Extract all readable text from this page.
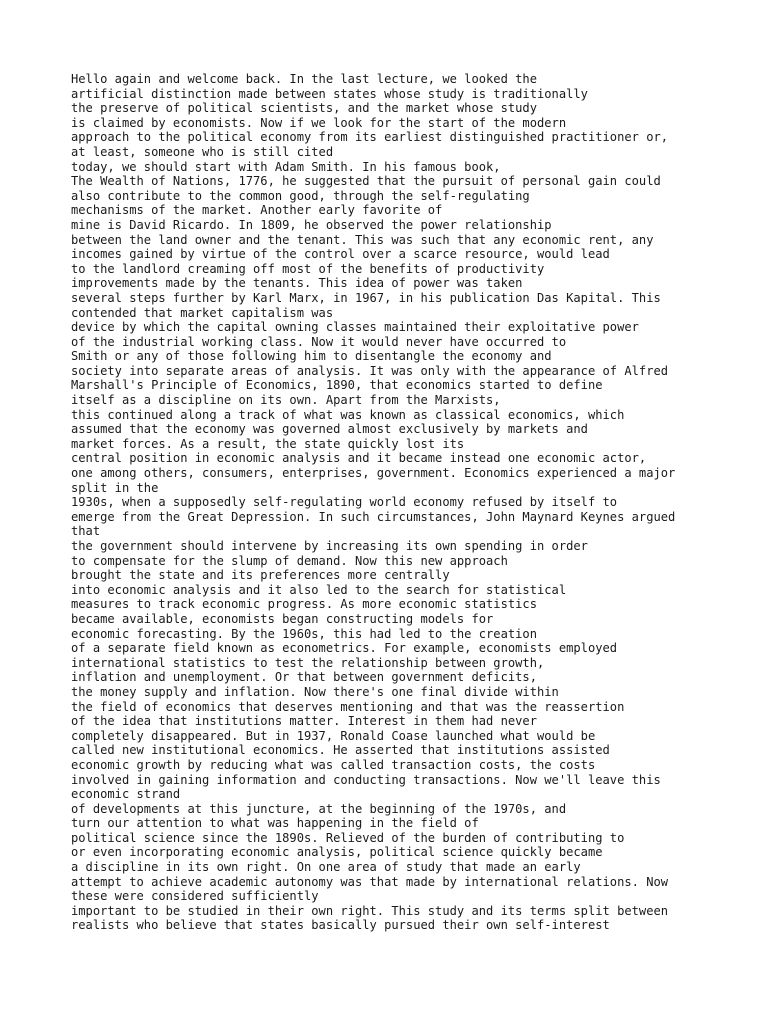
Hello again and welcome back. In the last lecture, we looked the
artificial distinction made between states whose study is traditionally
the preserve of political scientists, and the market whose study
is claimed by economists. Now if we look for the start of the modern
approach to the political economy from its earliest distinguished practitioner or,
at least, someone who is still cited
today, we should start with Adam Smith. In his famous book,
The Wealth of Nations, 1776, he suggested that the pursuit of personal gain could
also contribute to the common good, through the self-regulating
mechanisms of the market. Another early favorite of
mine is David Ricardo. In 1809, he observed the power relationship
between the land owner and the tenant. This was such that any economic rent, any
incomes gained by virtue of the control over a scarce resource, would lead
to the landlord creaming off most of the benefits of productivity
improvements made by the tenants. This idea of power was taken
several steps further by Karl Marx, in 1967, in his publication Das Kapital. This
contended that market capitalism was
device by which the capital owning classes maintained their exploitative power
of the industrial working class. Now it would never have occurred to
Smith or any of those following him to disentangle the economy and
society into separate areas of analysis. It was only with the appearance of Alfred
Marshall's Principle of Economics, 1890, that economics started to define
itself as a discipline on its own. Apart from the Marxists,
this continued along a track of what was known as classical economics, which
assumed that the economy was governed almost exclusively by markets and
market forces. As a result, the state quickly lost its
central position in economic analysis and it became instead one economic actor,
one among others, consumers, enterprises, government. Economics experienced a major
split in the
1930s, when a supposedly self-regulating world economy refused by itself to
emerge from the Great Depression. In such circumstances, John Maynard Keynes argued
that
the government should intervene by increasing its own spending in order
to compensate for the slump of demand. Now this new approach
brought the state and its preferences more centrally
into economic analysis and it also led to the search for statistical
measures to track economic progress. As more economic statistics
became available, economists began constructing models for
economic forecasting. By the 1960s, this had led to the creation
of a separate field known as econometrics. For example, economists employed
international statistics to test the relationship between growth,
inflation and unemployment. Or that between government deficits,
the money supply and inflation. Now there's one final divide within
the field of economics that deserves mentioning and that was the reassertion
of the idea that institutions matter. Interest in them had never
completely disappeared. But in 1937, Ronald Coase launched what would be
called new institutional economics. He asserted that institutions assisted
economic growth by reducing what was called transaction costs, the costs
involved in gaining information and conducting transactions. Now we'll leave this
economic strand
of developments at this juncture, at the beginning of the 1970s, and
turn our attention to what was happening in the field of
political science since the 1890s. Relieved of the burden of contributing to
or even incorporating economic analysis, political science quickly became
a discipline in its own right. On one area of study that made an early
attempt to achieve academic autonomy was that made by international relations. Now
these were considered sufficiently
important to be studied in their own right. This study and its terms split between
realists who believe that states basically pursued their own self-interest
